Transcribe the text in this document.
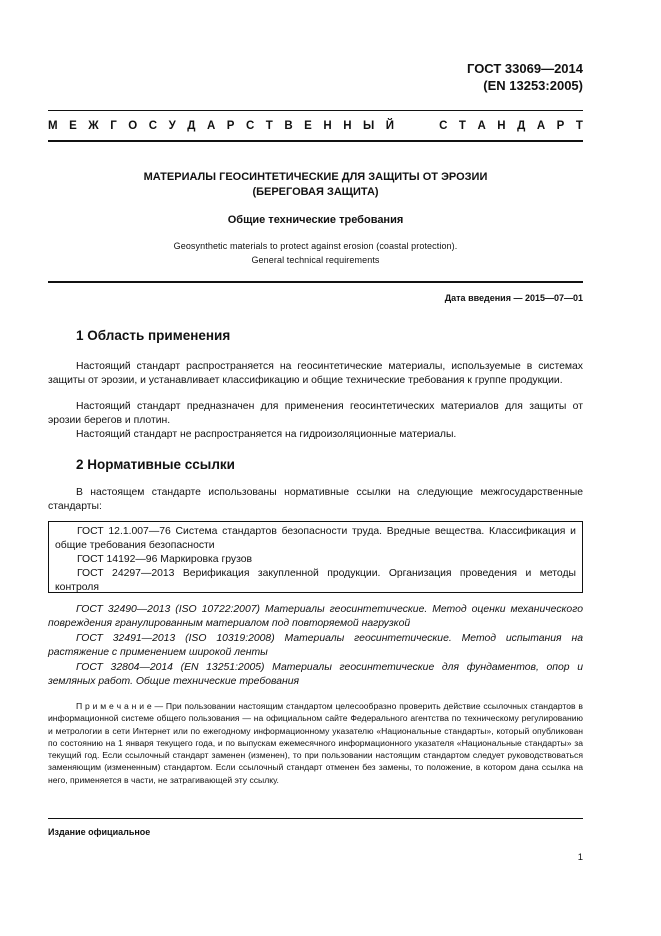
ГОСТ 33069—2014
(EN 13253:2005)
М Е Ж Г О С У Д А Р С Т В Е Н Н Ы Й	С Т А Н Д А Р Т
МАТЕРИАЛЫ ГЕОСИНТЕТИЧЕСКИЕ ДЛЯ ЗАЩИТЫ ОТ ЭРОЗИИ
(БЕРЕГОВАЯ ЗАЩИТА)
Общие технические требования
Geosynthetic materials to protect against erosion (coastal protection).
General technical requirements
Дата введения — 2015—07—01
1 Область применения

Настоящий стандарт распространяется на геосинтетические материалы, используемые в системах защиты от эрозии, и устанавливает классификацию и общие технические требования к группе продукции.

Настоящий стандарт предназначен для применения геосинтетических материалов для защиты от эрозии берегов и плотин.

Настоящий стандарт не распространяется на гидроизоляционные материалы.

2 Нормативные ссылки

В настоящем стандарте использованы нормативные ссылки на следующие межгосударственные стандарты:

ГОСТ 12.1.007—76 Система стандартов безопасности труда. Вредные вещества. Классификация и общие требования безопасности

ГОСТ 14192—96 Маркировка грузов

ГОСТ 24297—2013 Верификация закупленной продукции. Организация проведения и методы контроля

ГОСТ 32490—2013 (ISO 10722:2007) Материалы геосинтетические. Метод оценки механического повреждения гранулированным материалом под повторяемой нагрузкой

ГОСТ 32491—2013 (ISO 10319:2008) Материалы геосинтетические. Метод испытания на растяжение с применением широкой ленты

ГОСТ 32804—2014 (EN 13251:2005) Материалы геосинтетические для фундаментов, опор и земляных работ. Общие технические требования

П р и м е ч а н и е — При пользовании настоящим стандартом целесообразно проверить действие ссылочных стандартов в информационной системе общего пользования — на официальном сайте Федерального агентства по техническому регулированию и метрологии в сети Интернет или по ежегодному информационному указателю «Национальные стандарты», который опубликован по состоянию на 1 января текущего года, и по выпускам ежемесячного информационного указателя «Национальные стандарты» за текущий год. Если ссылочный стандарт заменен (изменен), то при пользовании настоящим стандартом следует руководствоваться заменяющим (измененным) стандартом. Если ссылочный стандарт отменен без замены, то положение, в котором дана ссылка на него, применяется в части, не затрагивающей эту ссылку.

Издание официальное
1
